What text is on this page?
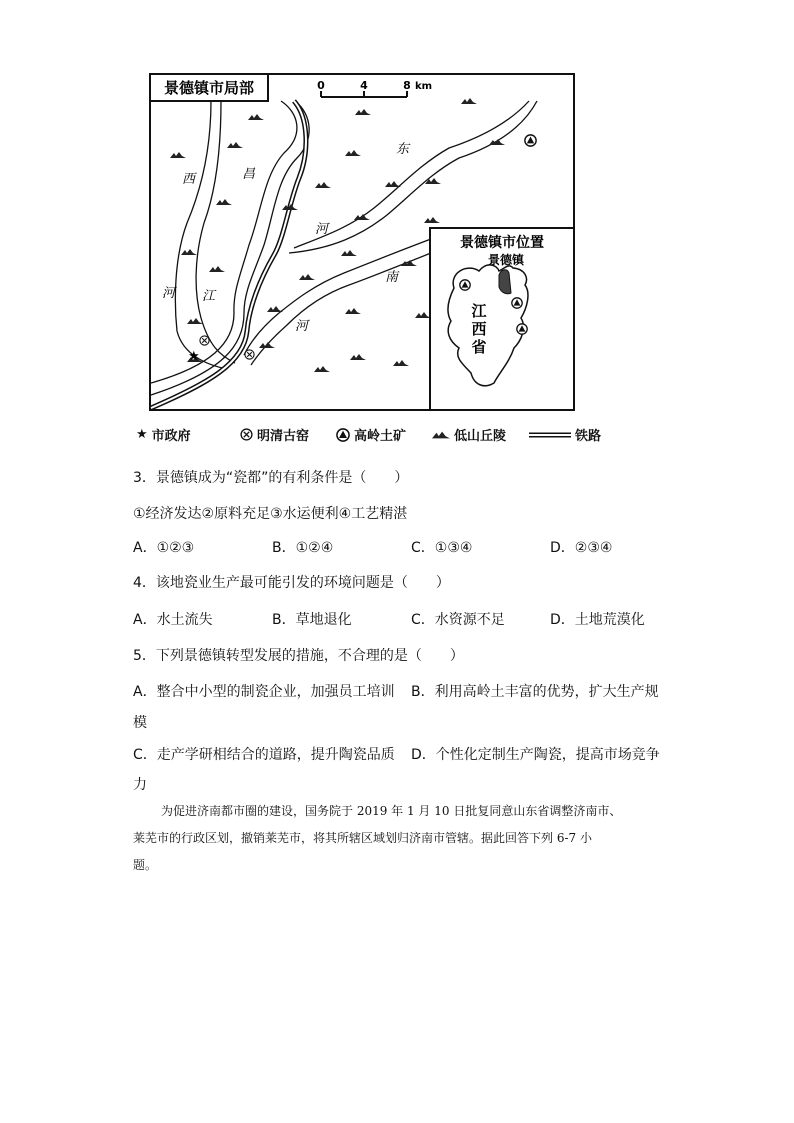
景德镇市局部	0	4	8 km
西	昌
河 江
东
河
南
河
★
景德镇市位置
景德镇
江
西
省
★ 市政府	明清古窑	高岭土矿	低山丘陵	铁路
3．景德镇成为“瓷都”的有利条件是（　　）
①经济发达②原料充足③水运便利④工艺精湛
A．①②③	B．①②④	C．①③④	D．②③④
4．该地瓷业生产最可能引发的环境问题是（　　）
A．水土流失	B．草地退化	C．水资源不足	D．土地荒漠化
5．下列景德镇转型发展的措施，不合理的是（　　）
A．整合中小型的制瓷企业，加强员工培训 B．利用高岭土丰富的优势，扩大生产规
模
C．走产学研相结合的道路，提升陶瓷品质 D．个性化定制生产陶瓷，提高市场竞争
力
为促进济南都市圈的建设，国务院于 2019 年 1 月 10 日批复同意山东省调整济南市、
莱芜市的行政区划，撤销莱芜市，将其所辖区域划归济南市管辖。据此回答下列 6-7 小
题。
